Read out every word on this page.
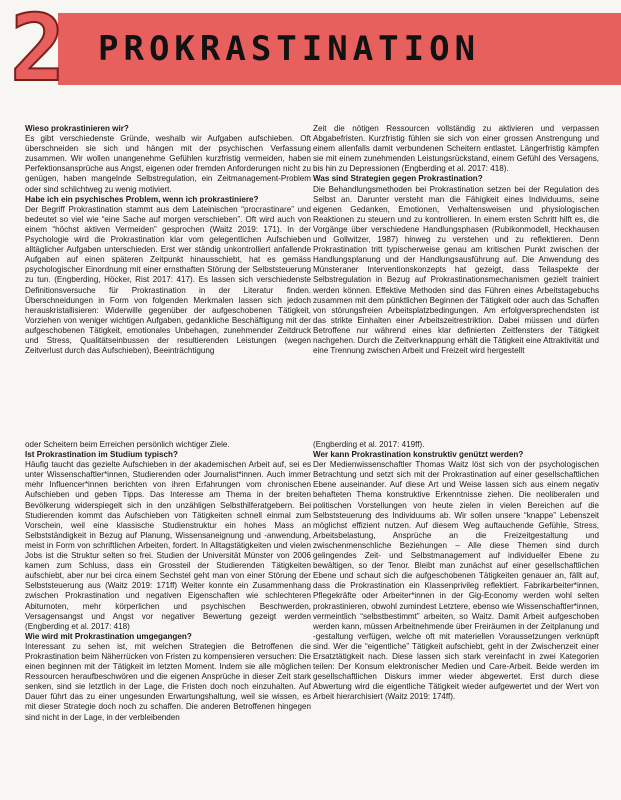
2 PROKRASTINATION
Wieso prokrastinieren wir?

Es gibt verschiedenste Gründe, weshalb wir Aufgaben aufschieben. Oft überschneiden sie sich und hängen mit der psychischen Verfassung zusammen. Wir wollen unangenehme Gefühlen kurzfristig vermeiden, haben Perfektionsansprüche aus Angst, eigenen oder fremden Anforderungen nicht zu genügen, haben mangelnde Selbstregulation, ein Zeitmanagement-Problem oder sind schlichtweg zu wenig motiviert.

Habe ich ein psychisches Problem, wenn ich prokrastiniere?

Der Begriff Prokrastination stammt aus dem Lateinischen “procrastinare” und bedeutet so viel wie “eine Sache auf morgen verschieben”. Oft wird auch von einem “höchst aktiven Vermeiden” gesprochen (Waitz 2019: 171). In der Psychologie wird die Prokrastination klar vom gelegentlichen Aufschieben alltäglicher Aufgaben unterschieden. Erst wer ständig unkontrolliert anfallende Aufgaben auf einen späteren Zeitpunkt hinausschiebt, hat es gemäss psychologischer Einordnung mit einer ernsthaften Störung der Selbststeuerung zu tun. (Engberding, Höcker, Rist 2017: 417). Es lassen sich verschiedenste Definitionsversuche für Prokrastination in der Literatur finden. Überschneidungen in Form von folgenden Merkmalen lassen sich jedoch herauskristallisieren: Widerwille gegenüber der aufgeschobenen Tätigkeit, Vorziehen von weniger wichtigen Aufgaben, gedankliche Beschäftigung mit der aufgeschobenen Tätigkeit, emotionales Unbehagen, zunehmender Zeitdruck und Stress, Qualitätseinbussen der resultierenden Leistungen (wegen Zeitverlust durch das Aufschieben), Beeinträchtigung

Zeit die nötigen Ressourcen vollständig zu aktivieren und verpassen Abgabefristen. Kurzfristig fühlen sie sich von einer grossen Anstrengung und einem allenfalls damit verbundenen Scheitern entlastet. Längerfristig kämpfen sie mit einem zunehmenden Leistungsrückstand, einem Gefühl des Versagens, bis hin zu Depressionen (Engberding et al. 2017: 418).

Was sind Strategien gegen Prokrastination?

Die Behandlungsmethoden bei Prokrastination setzen bei der Regulation des Selbst an. Darunter versteht man die Fähigkeit eines Individuums, seine eigenen Gedanken, Emotionen, Verhaltensweisen und physiologischen Reaktionen zu steuern und zu kontrollieren. In einem ersten Schritt hilft es, die Vorgänge über verschiedene Handlungsphasen (Rubikonmodell, Heckhausen und Gollwitzer, 1987) hinweg zu verstehen und zu reflektieren. Denn Prokrastination tritt typischerweise genau am kritischen Punkt zwischen der Handlungsplanung und der Handlungsausführung auf. Die Anwendung des Münsteraner Interventionskonzepts hat gezeigt, dass Teilaspekte der Selbstregulation in Bezug auf Prokrastinationsmechanismen gezielt trainiert werden können. Effektive Methoden sind das Führen eines Arbeitstagebuchs zusammen mit dem pünktlichen Beginnen der Tätigkeit oder auch das Schaffen von störungsfreien Arbeitsplatzbedingungen. Am erfolgversprechendsten ist das strikte Einhalten einer Arbeitszeitrestriktion. Dabei müssen und dürfen Betroffene nur während eines klar definierten Zeitfensters der Tätigkeit nachgehen. Durch die Zeitverknappung erhält die Tätigkeit eine Attraktivität und eine Trennung zwischen Arbeit und Freizeit wird hergestellt

oder Scheitern beim Erreichen persönlich wichtiger Ziele.

Ist Prokrastination im Studium typisch?

Häufig taucht das gezielte Aufschieben in der akademischen Arbeit auf, sei es unter Wissenschaftler*innen, Studierenden oder Journalist*innen. Auch immer mehr Influencer*innen berichten von ihren Erfahrungen vom chronischen Aufschieben und geben Tipps. Das Interesse am Thema in der breiten Bevölkerung widerspiegelt sich in den unzähligen Selbsthilferatgebern. Bei Studierenden kommt das Aufschieben von Tätigkeiten schnell einmal zum Vorschein, weil eine klassische Studienstruktur ein hohes Mass an Selbstständigkeit in Bezug auf Planung, Wissensaneignung und -anwendung, meist in Form von schriftlichen Arbeiten, fordert. In Alltagstätigkeiten und vielen Jobs ist die Struktur selten so frei. Studien der Universität Münster von 2006 kamen zum Schluss, dass ein Grossteil der Studierenden Tätigkeiten aufschiebt, aber nur bei circa einem Sechstel geht man von einer Störung der Selbststeuerung aus (Waitz 2019: 171ff) Weiter konnte ein Zusammenhang zwischen Prokrastination und negativen Eigenschaften wie schlechteren Abiturnoten, mehr körperlichen und psychischen Beschwerden, Versagensangst und Angst vor negativer Bewertung gezeigt werden (Engberding et al. 2017: 418)

Wie wird mit Prokrastination umgegangen?

Interessant zu sehen ist, mit welchen Strategien die Betroffenen die Prokrastination beim Näherrücken von Fristen zu kompensieren versuchen: Die einen beginnen mit der Tätigkeit im letzten Moment. Indem sie alle möglichen Ressourcen heraufbeschwören und die eigenen Ansprüche in dieser Zeit stark senken, sind sie letztlich in der Lage, die Fristen doch noch einzuhalten. Auf Dauer führt das zu einer ungesunden Erwartungshaltung, weil sie wissen, es mit dieser Strategie doch noch zu schaffen. Die anderen Betroffenen hingegen sind nicht in der Lage, in der verbleibenden

(Engberding et al. 2017: 419ff).

Wer kann Prokrastination konstruktiv genützt werden?

Der Medienwissenschaftler Thomas Waitz löst sich von der psychologischen Betrachtung und setzt sich mit der Prokrastination auf einer gesellschaftlichen Ebene auseinander. Auf diese Art und Weise lassen sich aus einem negativ behafteten Thema konstruktive Erkenntnisse ziehen. Die neoliberalen und politischen Vorstellungen von heute zielen in vielen Bereichen auf die Selbststeuerung des Individuums ab. Wir sollen unsere “knappe” Lebenszeit möglichst effizient nutzen. Auf diesem Weg auftauchende Gefühle, Stress, Arbeitsbelastung, Ansprüche an die Freizeitgestaltung und zwischenmenschliche Beziehungen – Alle diese Themen sind durch gelingendes Zeit- und Selbstmanagement auf individueller Ebene zu bewältigen, so der Tenor. Bleibt man zunächst auf einer gesellschaftlichen Ebene und schaut sich die aufgeschobenen Tätigkeiten genauer an, fällt auf, dass die Prokrastination ein Klassenprivileg reflektiert. Fabrikarbeiter*innen, Pflegekräfte oder Arbeiter*innen in der Gig-Economy werden wohl selten prokrastinieren, obwohl zumindest Letztere, ebenso wie Wissenschaftler*innen, vermeintlich “selbstbestimmt” arbeiten, so Waitz. Damit Arbeit aufgeschoben werden kann, müssen Arbeitnehmende über Freiräumen in der Zeitplanung und -gestaltung verfügen, welche oft mit materiellen Voraussetzungen verknüpft sind. Wer die “eigentliche” Tätigkeit aufschiebt, geht in der Zwischenzeit einer Ersatztätigkeit nach. Diese lassen sich stark vereinfacht in zwei Kategorien teilen: Der Konsum elektronischer Medien und Care-Arbeit. Beide werden im gesellschaftlichen Diskurs immer wieder abgewertet. Erst durch diese Abwertung wird die eigentliche Tätigkeit wieder aufgewertet und der Wert von Arbeit hierarchisiert (Waitz 2019: 174ff).
